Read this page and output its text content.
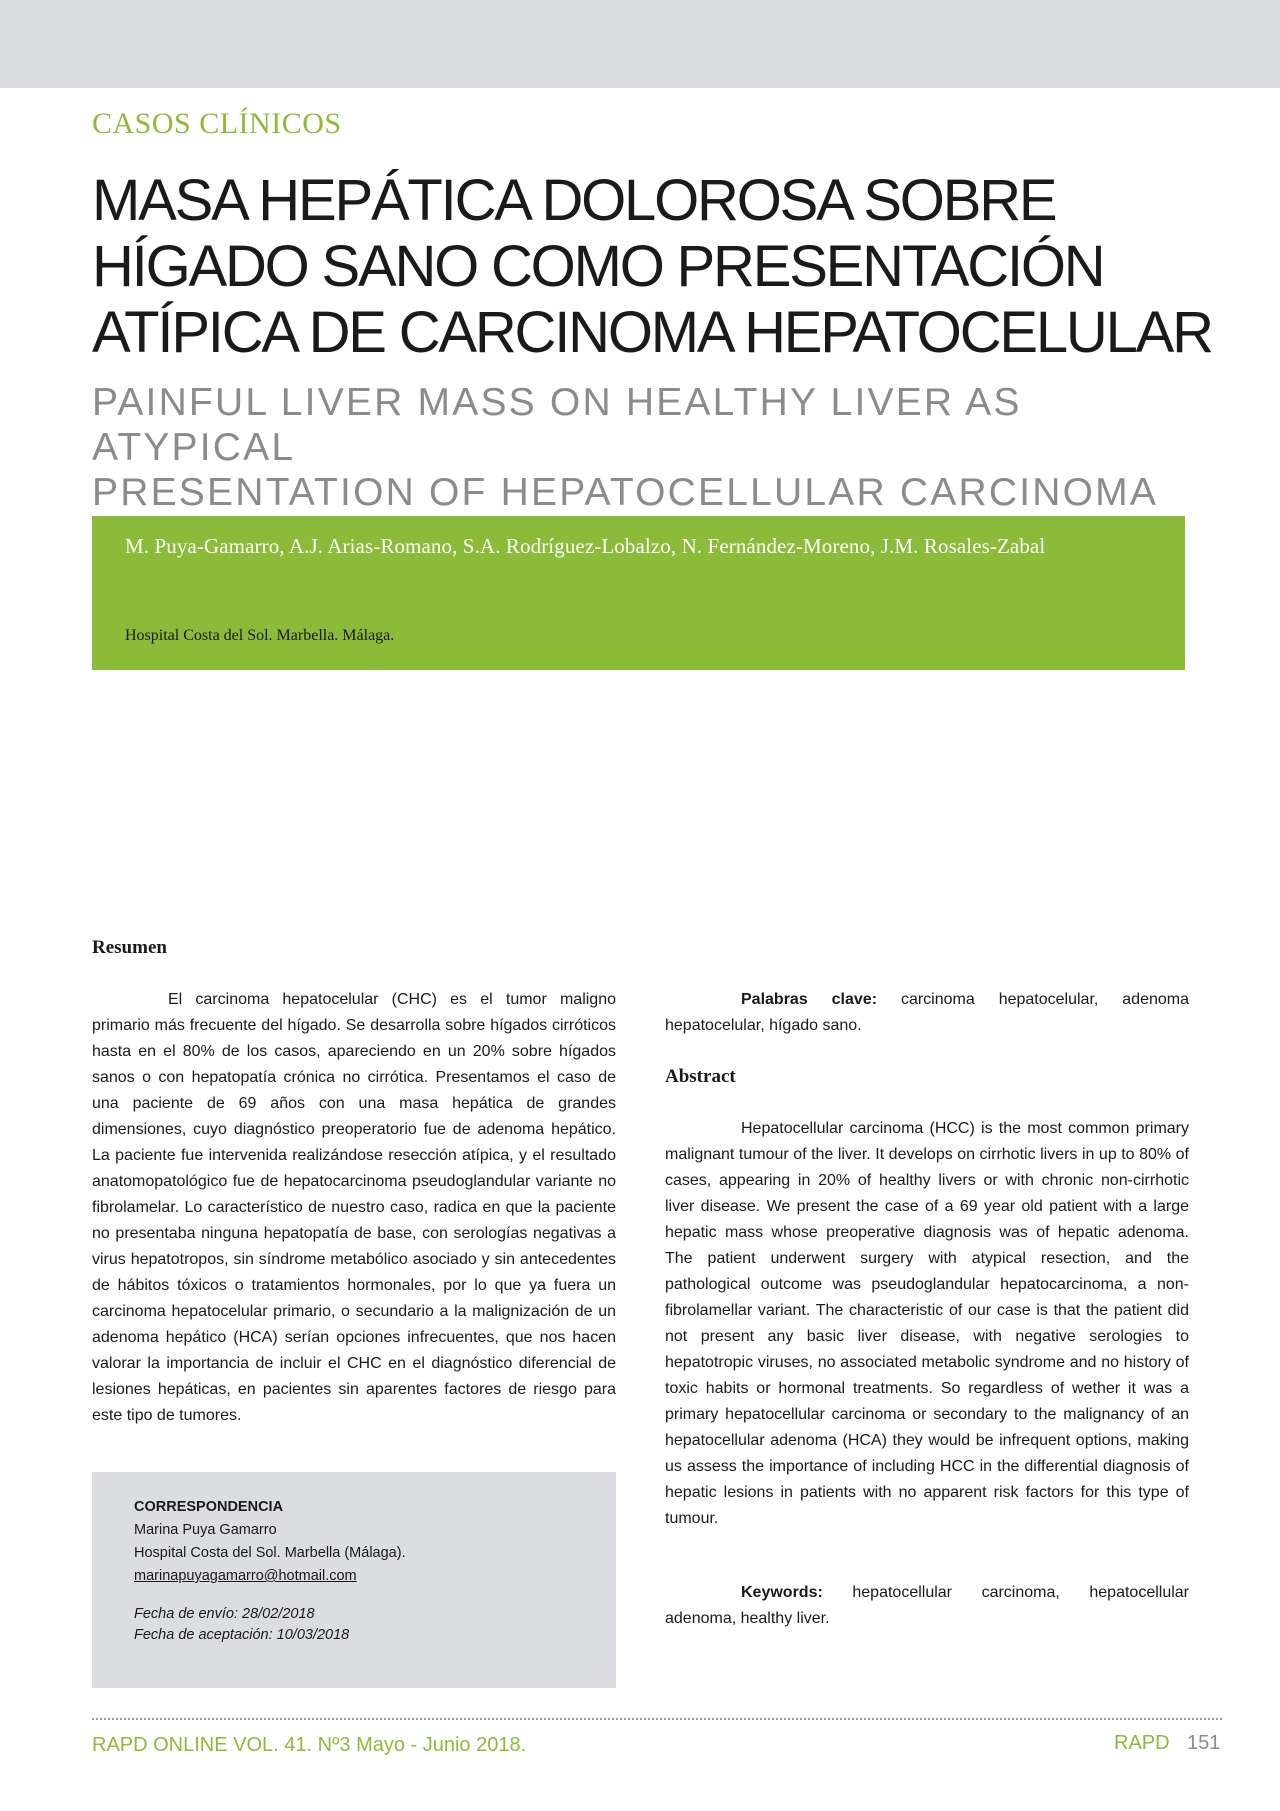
CASOS CLÍNICOS
MASA HEPÁTICA DOLOROSA SOBRE
HÍGADO SANO COMO PRESENTACIÓN
ATÍPICA DE CARCINOMA HEPATOCELULAR
PAINFUL LIVER MASS ON HEALTHY LIVER AS ATYPICAL
PRESENTATION OF HEPATOCELLULAR CARCINOMA
M. Puya-Gamarro, A.J. Arias-Romano, S.A. Rodríguez-Lobalzo, N. Fernández-Moreno, J.M. Rosales-Zabal
Hospital Costa del Sol. Marbella. Málaga.
Resumen

El carcinoma hepatocelular (CHC) es el tumor maligno primario más frecuente del hígado. Se desarrolla sobre hígados cirróticos hasta en el 80% de los casos, apareciendo en un 20% sobre hígados sanos o con hepatopatía crónica no cirrótica. Presentamos el caso de una paciente de 69 años con una masa hepática de grandes dimensiones, cuyo diagnóstico preoperatorio fue de adenoma hepático. La paciente fue intervenida realizándose resección atípica, y el resultado anatomopatológico fue de hepatocarcinoma pseudoglandular variante no fibrolamelar. Lo característico de nuestro caso, radica en que la paciente no presentaba ninguna hepatopatía de base, con serologías negativas a virus hepatotropos, sin síndrome metabólico asociado y sin antecedentes de hábitos tóxicos o tratamientos hormonales, por lo que ya fuera un carcinoma hepatocelular primario, o secundario a la malignización de un adenoma hepático (HCA) serían opciones infrecuentes, que nos hacen valorar la importancia de incluir el CHC en el diagnóstico diferencial de lesiones hepáticas, en pacientes sin aparentes factores de riesgo para este tipo de tumores.

CORRESPONDENCIA
Marina Puya Gamarro
Hospital Costa del Sol. Marbella (Málaga).
marinapuyagamarro@hotmail.com
Fecha de envío: 28/02/2018
Fecha de aceptación: 10/03/2018

Palabras clave: carcinoma hepatocelular, adenoma hepatocelular, hígado sano.

Abstract

Hepatocellular carcinoma (HCC) is the most common primary malignant tumour of the liver. It develops on cirrhotic livers in up to 80% of cases, appearing in 20% of healthy livers or with chronic non-cirrhotic liver disease. We present the case of a 69 year old patient with a large hepatic mass whose preoperative diagnosis was of hepatic adenoma. The patient underwent surgery with atypical resection, and the pathological outcome was pseudoglandular hepatocarcinoma, a non-fibrolamellar variant. The characteristic of our case is that the patient did not present any basic liver disease, with negative serologies to hepatotropic viruses, no associated metabolic syndrome and no history of toxic habits or hormonal treatments. So regardless of wether it was a primary hepatocellular carcinoma or secondary to the malignancy of an hepatocellular adenoma (HCA) they would be infrequent options, making us assess the importance of including HCC in the differential diagnosis of hepatic lesions in patients with no apparent risk factors for this type of tumour.

Keywords: hepatocellular carcinoma, hepatocellular adenoma, healthy liver.

RAPD ONLINE VOL. 41. Nº3 Mayo - Junio 2018.	RAPD 151
